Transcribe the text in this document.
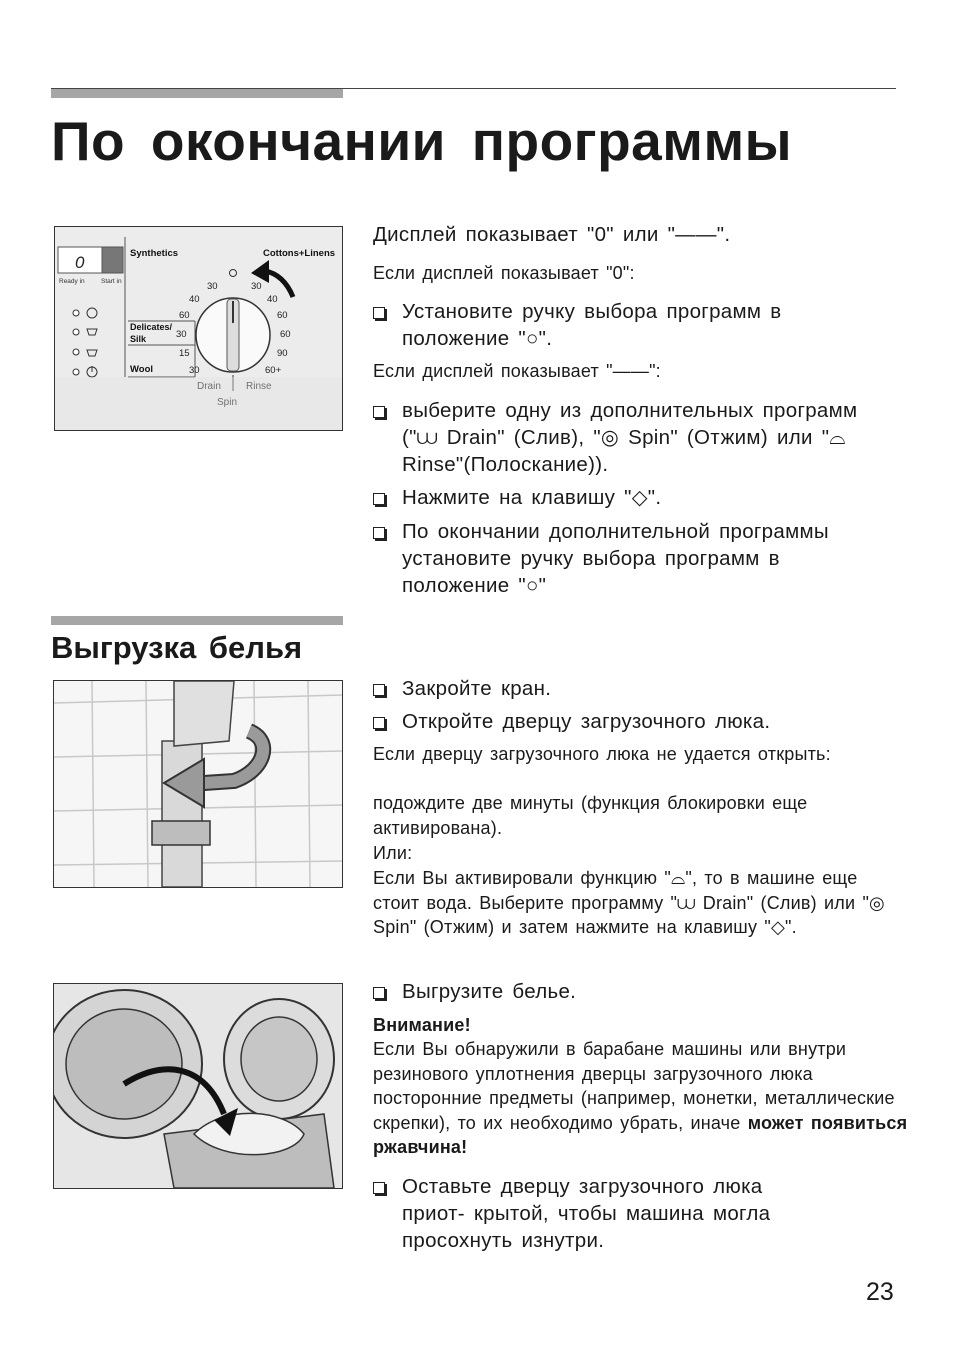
По окончании программы
0
Ready in	Start in
Synthetics	Cottons+Linens
Delicates/
Silk
Wool
30
40
60
30
15
30
30
40
60
60
90
60+
Drain	Rinse
Spin
Дисплей показывает "0" или "——".
Если дисплей показывает "0":
Установите ручку выбора программ в положение "○".
Если дисплей показывает "——":
выберите одну из дополнительных программ ("⩊ Drain" (Слив), "◎ Spin" (Отжим) или "⌓ Rinse"(Полоскание)).
Нажмите на клавишу "◇".
По окончании дополнительной программы установите ручку выбора программ в положение "○"
Выгрузка белья
Закройте кран.
Откройте дверцу загрузочного люка.
Если дверцу загрузочного люка не удается открыть:
подождите две минуты (функция блокировки еще активирована).
Или:
Если Вы активировали функцию "⌓", то в машине еще стоит вода. Выберите программу "⩊ Drain" (Слив) или "◎ Spin" (Отжим) и затем нажмите на клавишу "◇".
Выгрузите белье.
Внимание!
Если Вы обнаружили в барабане машины или внутри резинового уплотнения дверцы загрузочного люка посторонние предметы (например, монетки, металлические скрепки), то их необходимо убрать, иначе может появиться ржавчина!
Оставьте дверцу загрузочного люка приот- крытой, чтобы машина могла просохнуть изнутри.
23
